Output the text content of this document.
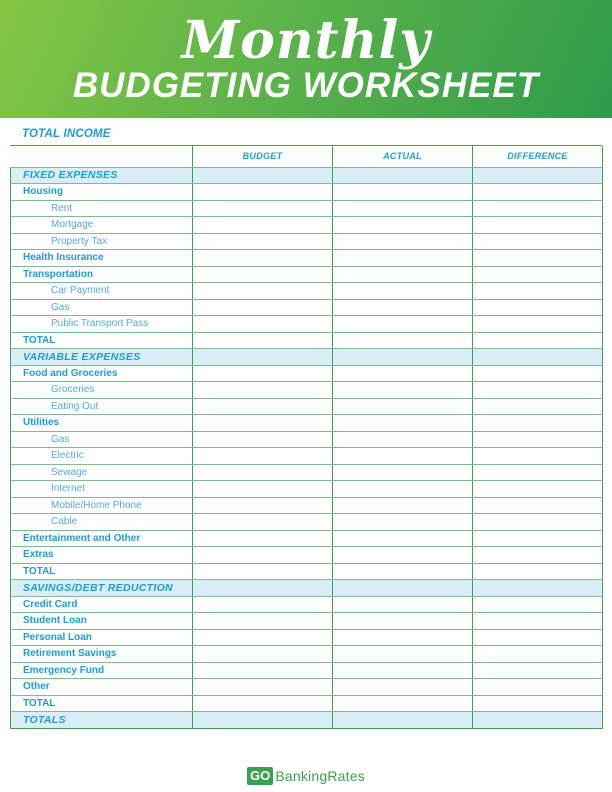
Monthly
BUDGETING WORKSHEET
TOTAL INCOME
	BUDGET	ACTUAL	DIFFERENCE
FIXED EXPENSES			
Housing			
Rent			
Mortgage			
Property Tax			
Health Insurance			
Transportation			
Car Payment			
Gas			
Public Transport Pass			
TOTAL			
VARIABLE EXPENSES			
Food and Groceries			
Groceries			
Eating Out			
Utilities			
Gas			
Electric			
Sewage			
Internet			
Mobile/Home Phone			
Cable			
Entertainment and Other			
Extras			
TOTAL			
SAVINGS/DEBT REDUCTION			
Credit Card			
Student Loan			
Personal Loan			
Retirement Savings			
Emergency Fund			
Other			
TOTAL			
TOTALS			
GO BankingRates
